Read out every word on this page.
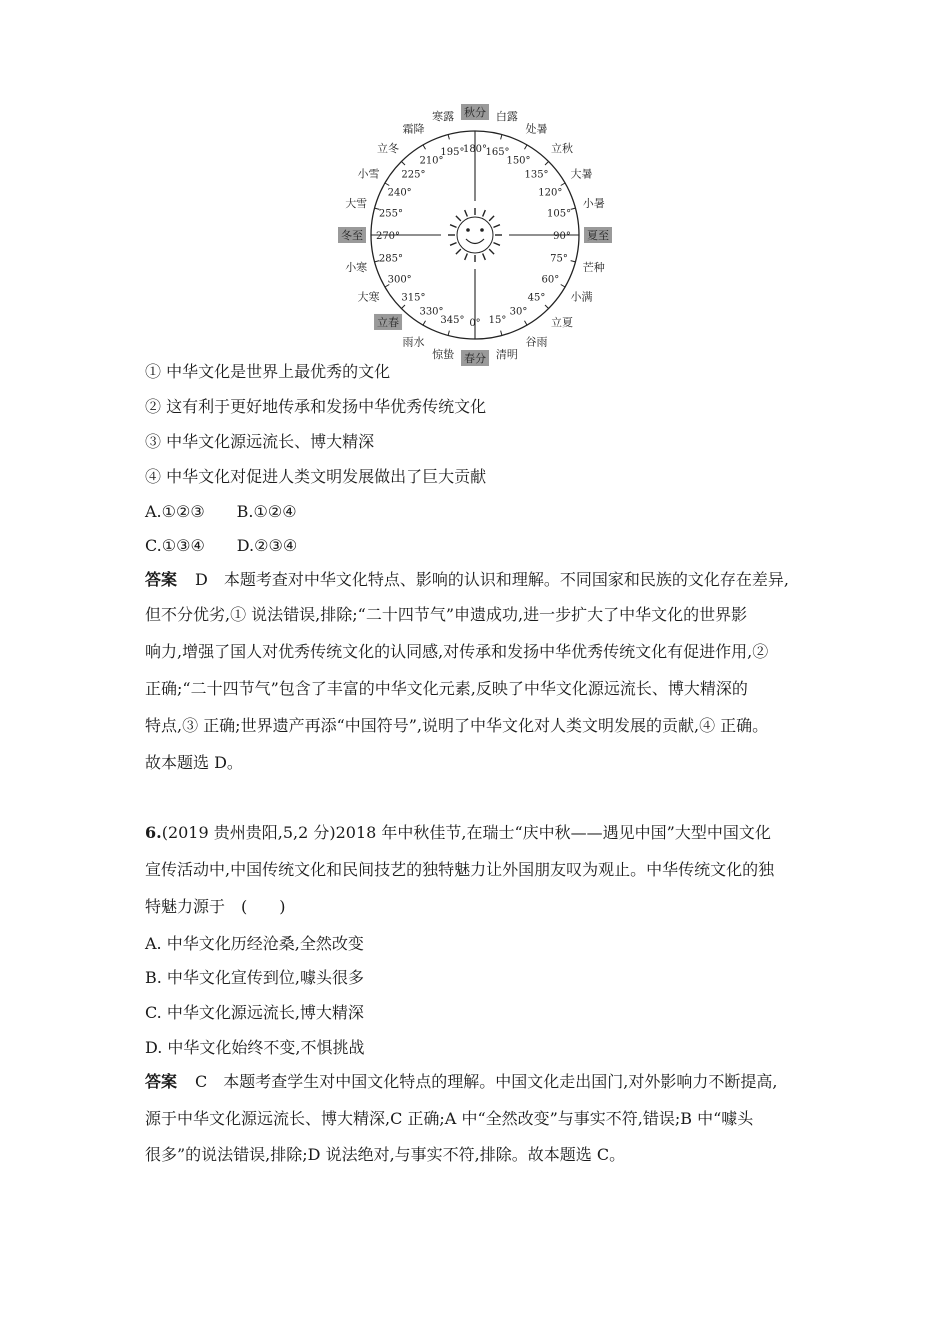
0° 15°
30°
45°
60°
75°
90°
105°
120°
135°
150°
165°
180°
195°
210°
225°
240°
255°
270°
285°
300°
315°
330°
345°
春分 清明
谷雨
立夏
小满
芒种
夏至
小暑
大暑
立秋
处暑
白露
秋分
寒露
霜降
立冬
小雪
大雪
冬至
小寒
大寒
立春
雨水
惊蛰
① 中华文化是世界上最优秀的文化
② 这有利于更好地传承和发扬中华优秀传统文化
③ 中华文化源远流长、博大精深
④ 中华文化对促进人类文明发展做出了巨大贡献
A.①②③　　B.①②④
C.①③④　　D.②③④
答案 D　本题考查对中华文化特点、影响的认识和理解。不同国家和民族的文化存在差异,
但不分优劣,① 说法错误,排除;“二十四节气”申遗成功,进一步扩大了中华文化的世界影
响力,增强了国人对优秀传统文化的认同感,对传承和发扬中华优秀传统文化有促进作用,②
正确;“二十四节气”包含了丰富的中华文化元素,反映了中华文化源远流长、博大精深的
特点,③ 正确;世界遗产再添“中国符号”,说明了中华文化对人类文明发展的贡献,④ 正确。
故本题选 D。
6.(2019 贵州贵阳,5,2 分)2018 年中秋佳节,在瑞士“庆中秋——遇见中国”大型中国文化
宣传活动中,中国传统文化和民间技艺的独特魅力让外国朋友叹为观止。中华传统文化的独
特魅力源于　(　　)
A. 中华文化历经沧桑,全然改变
B. 中华文化宣传到位,噱头很多
C. 中华文化源远流长,博大精深
D. 中华文化始终不变,不惧挑战
答案 C　本题考查学生对中国文化特点的理解。中国文化走出国门,对外影响力不断提高,
源于中华文化源远流长、博大精深,C 正确;A 中“全然改变”与事实不符,错误;B 中“噱头
很多”的说法错误,排除;D 说法绝对,与事实不符,排除。故本题选 C。
